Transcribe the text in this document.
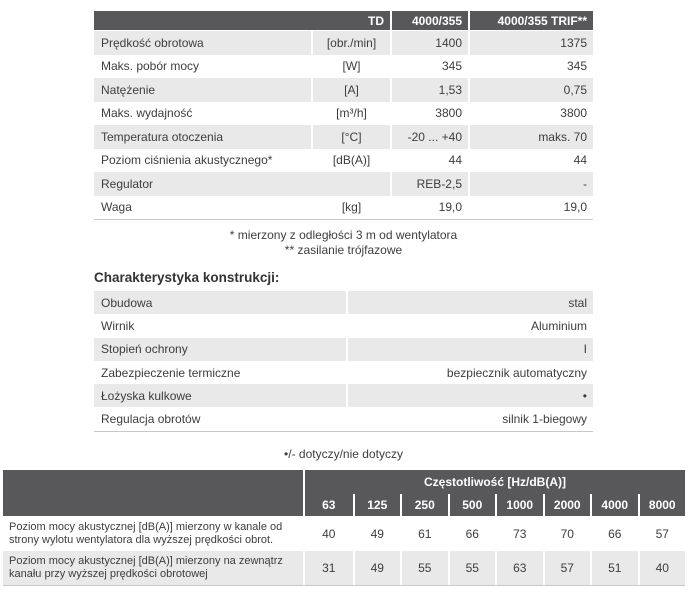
TD		4000/355	4000/355 TRIF**
Prędkość obrotowa	[obr./min]	1400	1375
Maks. pobór mocy	[W]	345	345
Natężenie	[A]	1,53	0,75
Maks. wydajność	[m³/h]	3800	3800
Temperatura otoczenia	[°C]	-20 ... +40	maks. 70
Poziom ciśnienia akustycznego*	[dB(A)]	44	44
Regulator		REB-2,5	-
Waga	[kg]	19,0	19,0
* mierzony z odległości 3 m od wentylatora
** zasilanie trójfazowe
Charakterystyka konstrukcji:
Obudowa	stal
Wirnik	Aluminium
Stopień ochrony	I
Zabezpieczenie termiczne	bezpiecznik automatyczny
Łożyska kulkowe	•
Regulacja obrotów	silnik 1-biegowy
•/- dotyczy/nie dotyczy
	Częstotliwość [Hz/dB(A)]							
	63	125	250	500	1000	2000	4000	8000
Poziom mocy akustycznej [dB(A)] mierzony w kanale od strony wylotu wentylatora dla wyższej prędkości obrot.	40	49	61	66	73	70	66	57
Poziom mocy akustycznej [dB(A)] mierzony na zewnątrz kanału przy wyższej prędkości obrotowej	31	49	55	55	63	57	51	40
